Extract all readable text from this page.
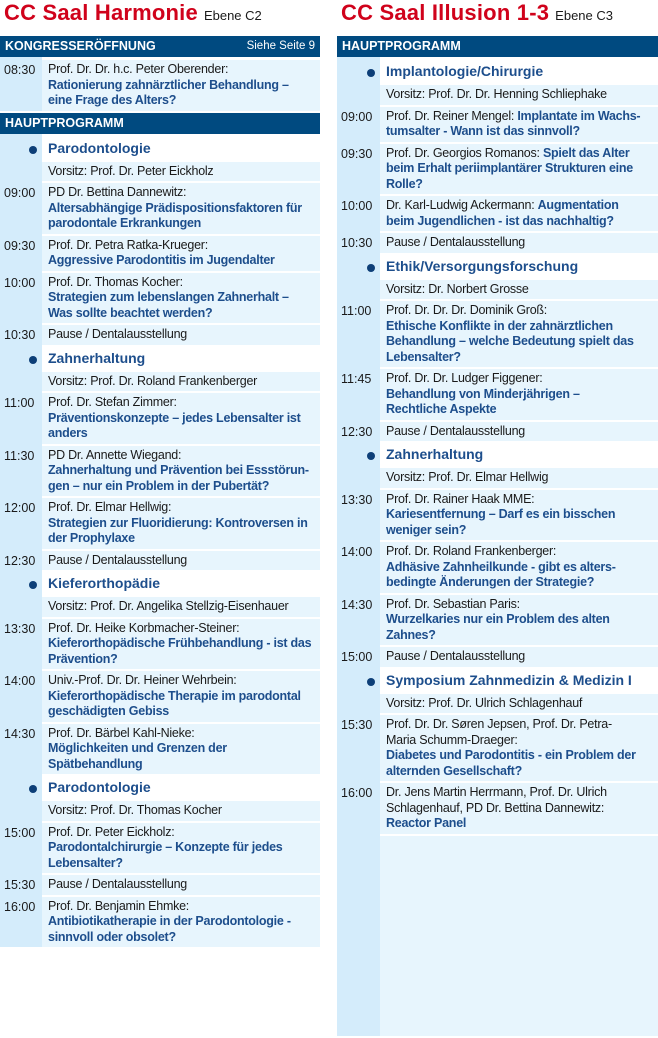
CC Saal Harmonie Ebene C2
KONGRESSERÖFFNUNG	Siehe Seite 9
08:30	Prof. Dr. Dr. h.c. Peter Oberender:
Rationierung zahnärztlicher Behandlung –
eine Frage des Alters?
HAUPTPROGRAMM
Parodontologie
Vorsitz: Prof. Dr. Peter Eickholz
09:00	PD Dr. Bettina Dannewitz:
Altersabhängige Prädispositionsfaktoren für
parodontale Erkrankungen
09:30	Prof. Dr. Petra Ratka-Krueger:
Aggressive Parodontitis im Jugendalter
10:00	Prof. Dr. Thomas Kocher:
Strategien zum lebenslangen Zahnerhalt –
Was sollte beachtet werden?
10:30	Pause / Dentalausstellung
Zahnerhaltung
Vorsitz: Prof. Dr. Roland Frankenberger
11:00	Prof. Dr. Stefan Zimmer:
Präventionskonzepte – jedes Lebensalter ist
anders
11:30	PD Dr. Annette Wiegand:
Zahnerhaltung und Prävention bei Essstörun-
gen – nur ein Problem in der Pubertät?
12:00	Prof. Dr. Elmar Hellwig:
Strategien zur Fluoridierung: Kontroversen in
der Prophylaxe
12:30	Pause / Dentalausstellung
Kieferorthopädie
Vorsitz: Prof. Dr. Angelika Stellzig-Eisenhauer
13:30	Prof. Dr. Heike Korbmacher-Steiner:
Kieferorthopädische Frühbehandlung - ist das
Prävention?
14:00	Univ.-Prof. Dr. Dr. Heiner Wehrbein:
Kieferorthopädische Therapie im parodontal
geschädigten Gebiss
14:30	Prof. Dr. Bärbel Kahl-Nieke:
Möglichkeiten und Grenzen der
Spätbehandlung
Parodontologie
Vorsitz: Prof. Dr. Thomas Kocher
15:00	Prof. Dr. Peter Eickholz:
Parodontalchirurgie – Konzepte für jedes
Lebensalter?
15:30	Pause / Dentalausstellung
16:00	Prof. Dr. Benjamin Ehmke:
Antibiotikatherapie in der Parodontologie -
sinnvoll oder obsolet?
CC Saal Illusion 1-3 Ebene C3
HAUPTPROGRAMM
Implantologie/Chirurgie
Vorsitz: Prof. Dr. Dr. Henning Schliephake
09:00	Prof. Dr. Reiner Mengel: Implantate im Wachs-
tumsalter - Wann ist das sinnvoll?
09:30	Prof. Dr. Georgios Romanos: Spielt das Alter
beim Erhalt periimplantärer Strukturen eine
Rolle?
10:00	Dr. Karl-Ludwig Ackermann: Augmentation
beim Jugendlichen - ist das nachhaltig?
10:30	Pause / Dentalausstellung
Ethik/Versorgungsforschung
Vorsitz: Dr. Norbert Grosse
11:00	Prof. Dr. Dr. Dr. Dominik Groß:
Ethische Konflikte in der zahnärztlichen
Behandlung – welche Bedeutung spielt das
Lebensalter?
11:45	Prof. Dr. Dr. Ludger Figgener:
Behandlung von Minderjährigen –
Rechtliche Aspekte
12:30	Pause / Dentalausstellung
Zahnerhaltung
Vorsitz: Prof. Dr. Elmar Hellwig
13:30	Prof. Dr. Rainer Haak MME:
Kariesentfernung – Darf es ein bisschen
weniger sein?
14:00	Prof. Dr. Roland Frankenberger:
Adhäsive Zahnheilkunde - gibt es alters-
bedingte Änderungen der Strategie?
14:30	Prof. Dr. Sebastian Paris:
Wurzelkaries nur ein Problem des alten
Zahnes?
15:00	Pause / Dentalausstellung
Symposium Zahnmedizin & Medizin I
Vorsitz: Prof. Dr. Ulrich Schlagenhauf
15:30	Prof. Dr. Dr. Søren Jepsen, Prof. Dr. Petra-
Maria Schumm-Draeger:
Diabetes und Parodontitis - ein Problem der
alternden Gesellschaft?
16:00	Dr. Jens Martin Herrmann, Prof. Dr. Ulrich
Schlagenhauf, PD Dr. Bettina Dannewitz:
Reactor Panel
